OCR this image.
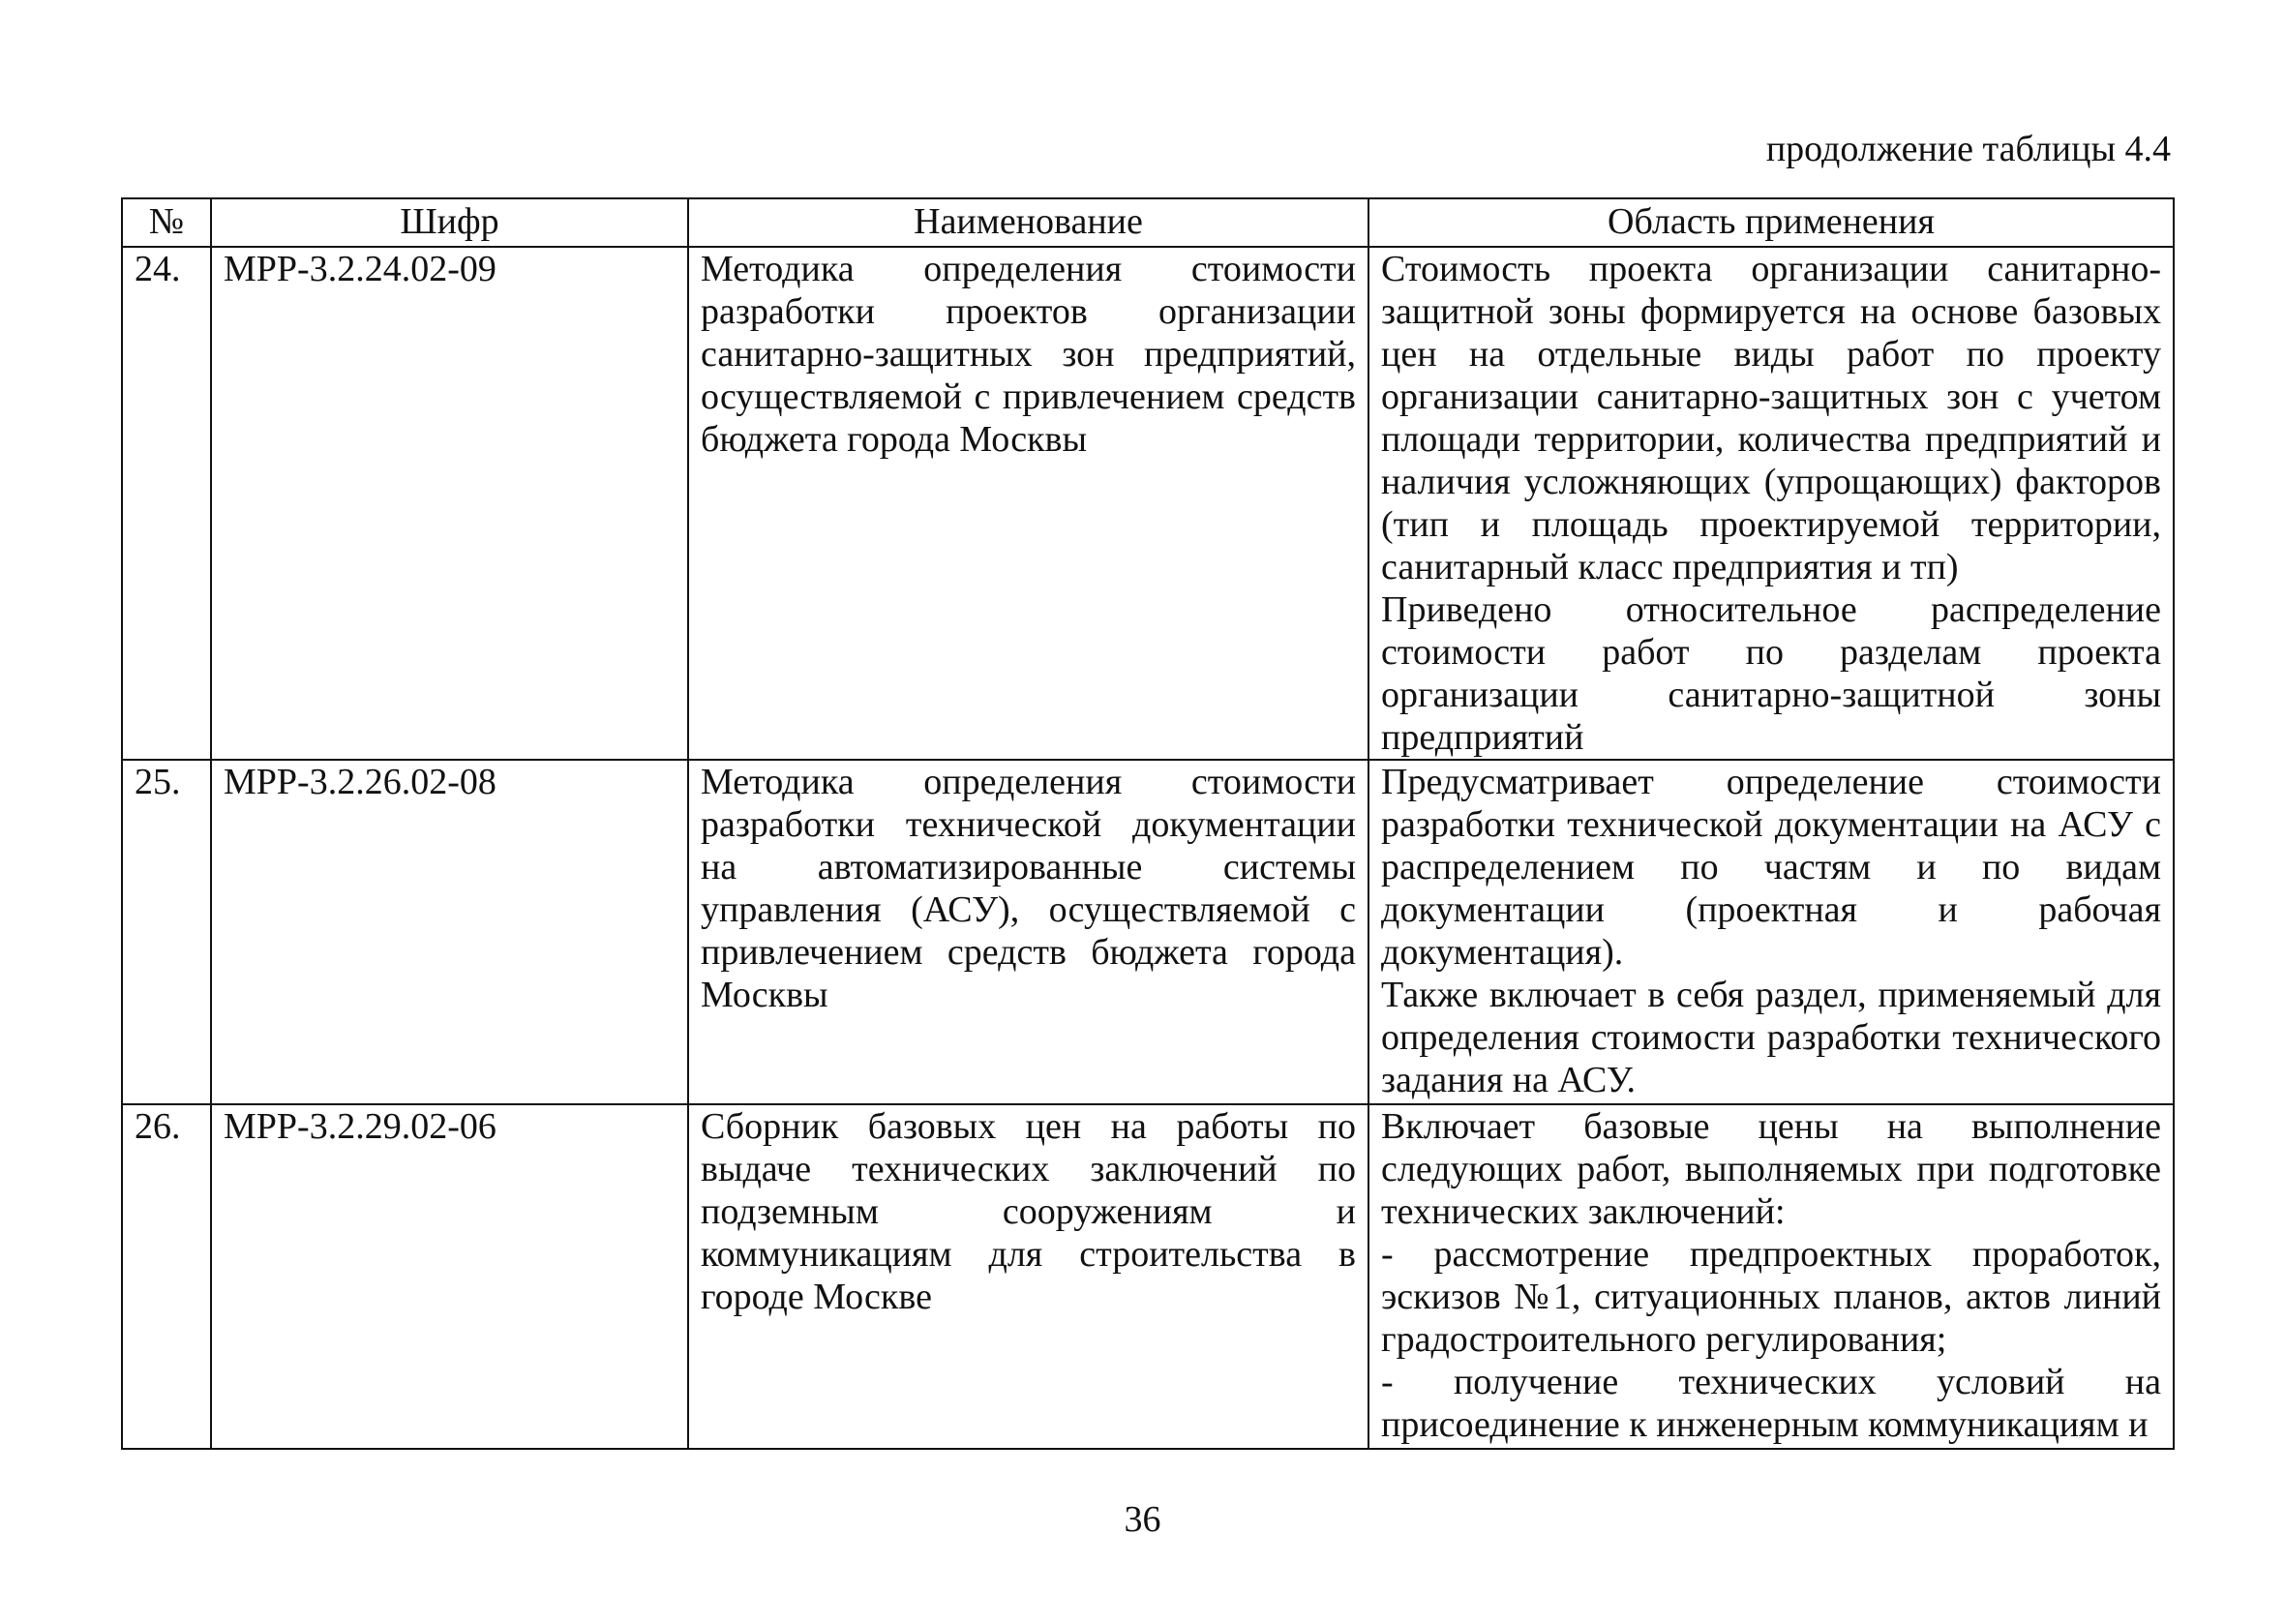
продолжение таблицы 4.4
№	Шифр	Наименование	Область применения
24.	МРР-3.2.24.02-09	Методика определения стоимости разработки проектов организации санитарно-защитных зон предприятий, осуществляемой с привлечением средств бюджета города Москвы	Стоимость проекта организации санитарно-защитной зоны формируется на основе базовых цен на отдельные виды работ по проекту организации санитарно-защитных зон с учетом площади территории, количества предприятий и наличия усложняющих (упрощающих) факторов (тип и площадь проектируемой территории, санитарный класс предприятия и тп)
Приведено относительное распределение стоимости работ по разделам проекта организации санитарно-защитной зоны предприятий

25.	МРР-3.2.26.02-08	Методика определения стоимости разработки технической документации на автоматизированные системы управления (АСУ), осуществляемой с привлечением средств бюджета города Москвы	Предусматривает определение стоимости разработки технической документации на АСУ с распределением по частям и по видам документации (проектная и рабочая документация).
Также включает в себя раздел, применяемый для определения стоимости разработки технического задания на АСУ.

26.	МРР-3.2.29.02-06	Сборник базовых цен на работы по выдаче технических заключений по подземным сооружениям и коммуникациям для строительства в городе Москве	Включает базовые цены на выполнение следующих работ, выполняемых при подготовке технических заключений:
- рассмотрение предпроектных проработок, эскизов №1, ситуационных планов, актов линий градостроительного регулирования;
- получение технических условий на присоединение к инженерным коммуникациям и
36
